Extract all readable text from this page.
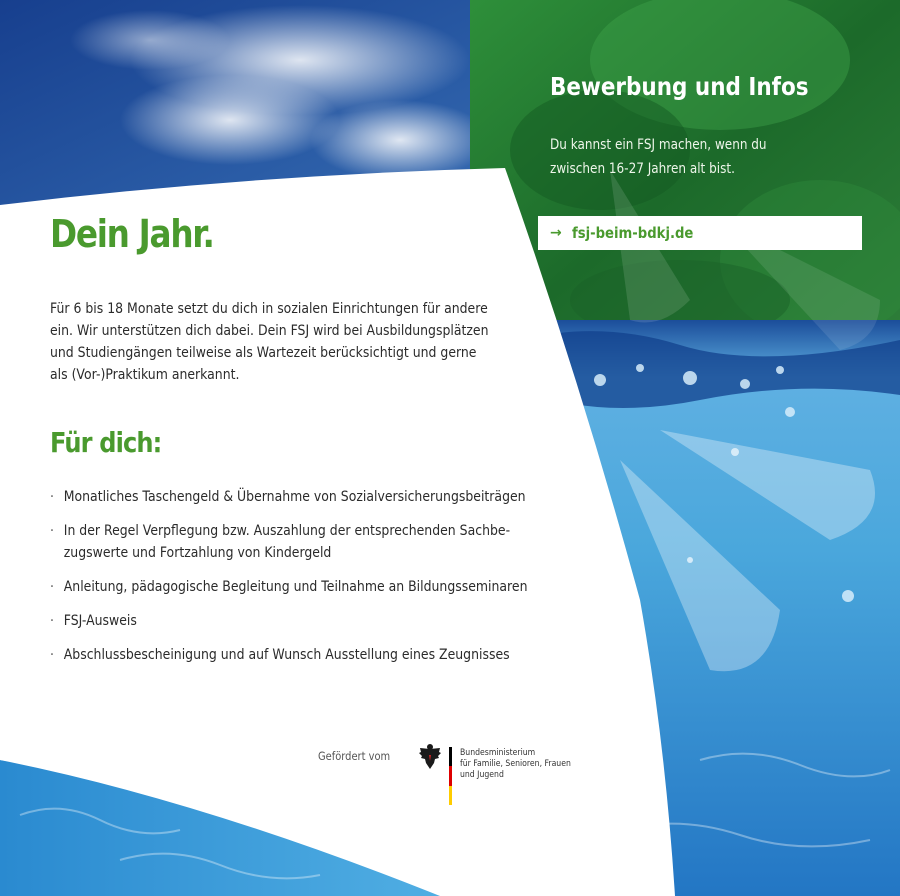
Dein Jahr.

Für 6 bis 18 Monate setzt du dich in sozialen Einrichtungen für andere
ein. Wir unterstützen dich dabei. Dein FSJ wird bei Ausbildungsplätzen
und Studiengängen teilweise als Wartezeit berücksichtigt und gerne
als (Vor-)Praktikum anerkannt.

Für dich:
· Monatliches Taschengeld & Übernahme von Sozialversicherungsbeiträgen
· In der Regel Verpflegung bzw. Auszahlung der entsprechenden Sachbe-
zugswerte und Fortzahlung von Kindergeld
· Anleitung, pädagogische Begleitung und Teilnahme an Bildungsseminaren
· FSJ-Ausweis
· Abschlussbescheinigung und auf Wunsch Ausstellung eines Zeugnisses
Bewerbung und Infos

Du kannst ein FSJ machen, wenn du
zwischen 16-27 Jahren alt bist.

→ fsj-beim-bdkj.de
Gefördert vom	Bundesministerium
für Familie, Senioren, Frauen
und Jugend
